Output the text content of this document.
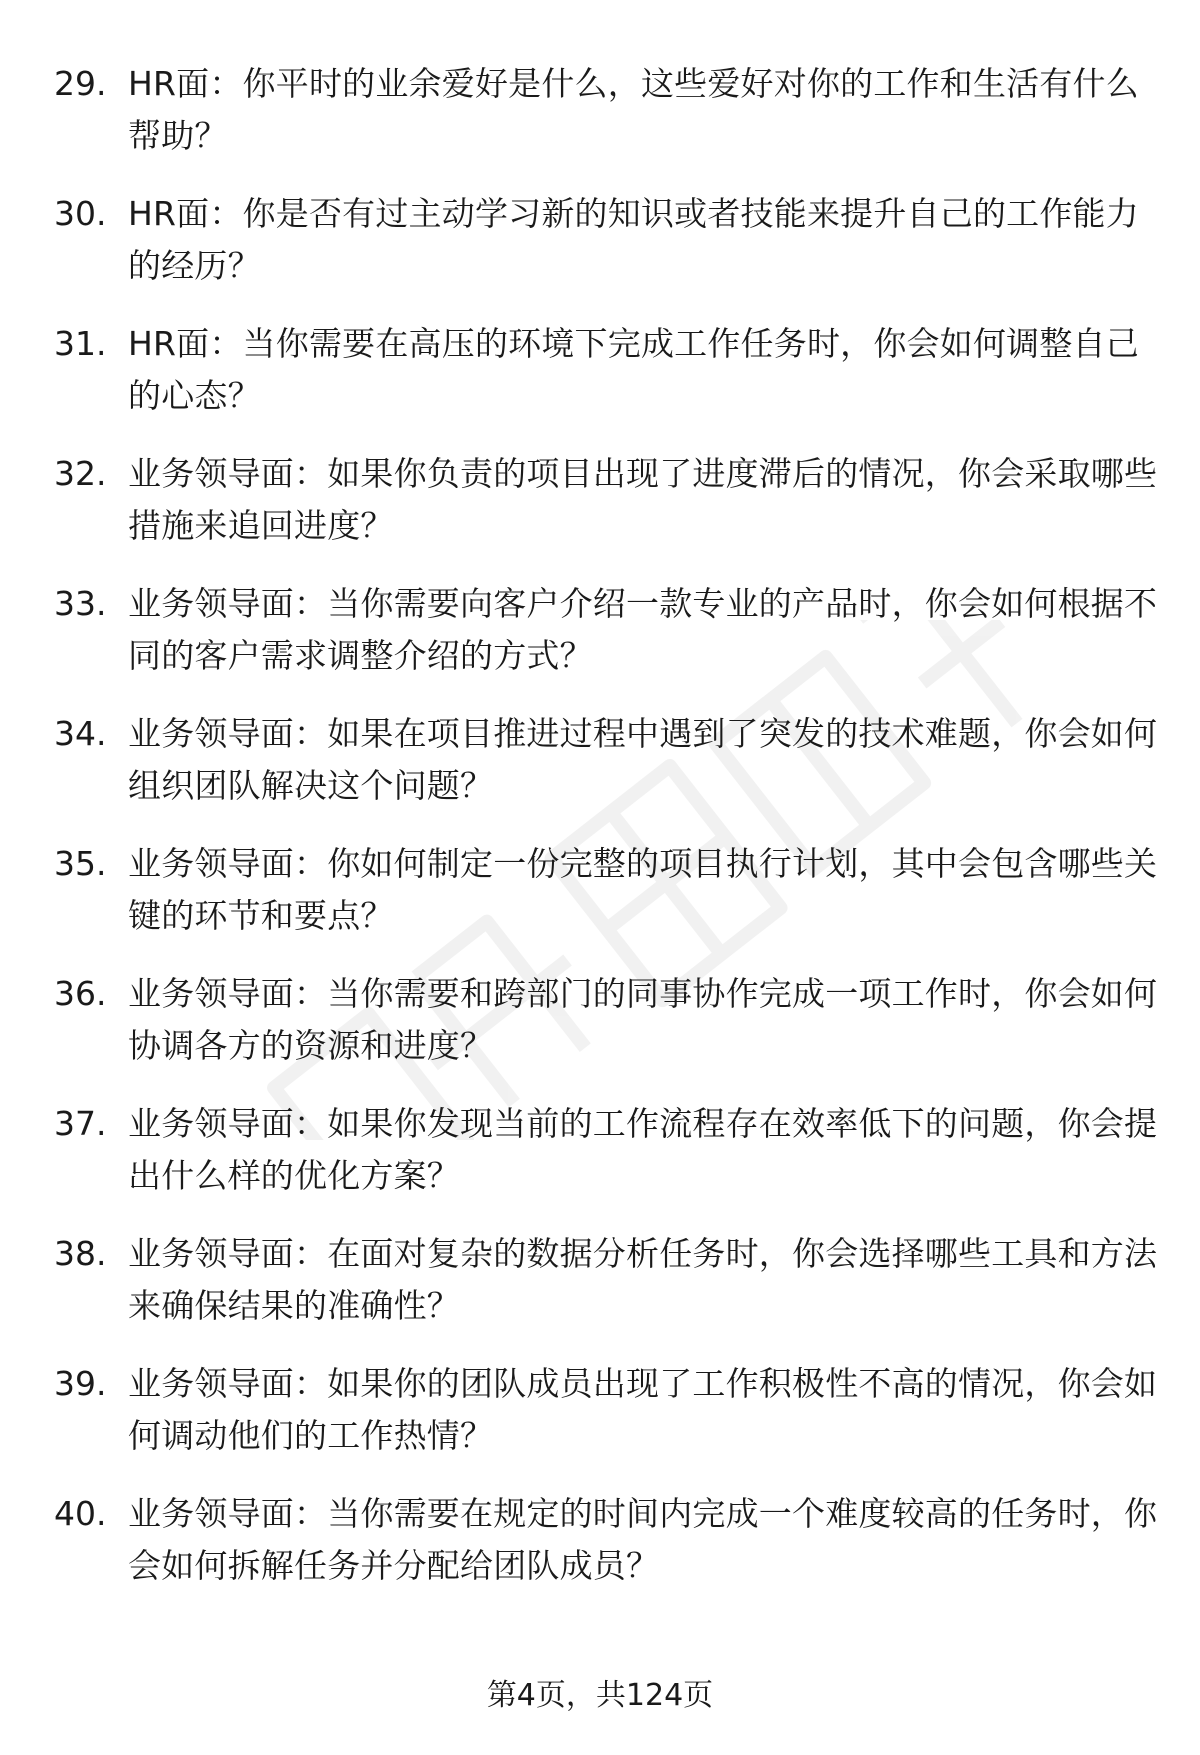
29. HR面：你平时的业余爱好是什么，这些爱好对你的工作和生活有什么帮助？
30. HR面：你是否有过主动学习新的知识或者技能来提升自己的工作能力的经历？
31. HR面：当你需要在高压的环境下完成工作任务时，你会如何调整自己的心态？
32. 业务领导面：如果你负责的项目出现了进度滞后的情况，你会采取哪些措施来追回进度？
33. 业务领导面：当你需要向客户介绍一款专业的产品时，你会如何根据不同的客户需求调整介绍的方式？
34. 业务领导面：如果在项目推进过程中遇到了突发的技术难题，你会如何组织团队解决这个问题？
35. 业务领导面：你如何制定一份完整的项目执行计划，其中会包含哪些关键的环节和要点？
36. 业务领导面：当你需要和跨部门的同事协作完成一项工作时，你会如何协调各方的资源和进度？
37. 业务领导面：如果你发现当前的工作流程存在效率低下的问题，你会提出什么样的优化方案？
38. 业务领导面：在面对复杂的数据分析任务时，你会选择哪些工具和方法来确保结果的准确性？
39. 业务领导面：如果你的团队成员出现了工作积极性不高的情况，你会如何调动他们的工作热情？
40. 业务领导面：当你需要在规定的时间内完成一个难度较高的任务时，你会如何拆解任务并分配给团队成员？
第4页，共124页
